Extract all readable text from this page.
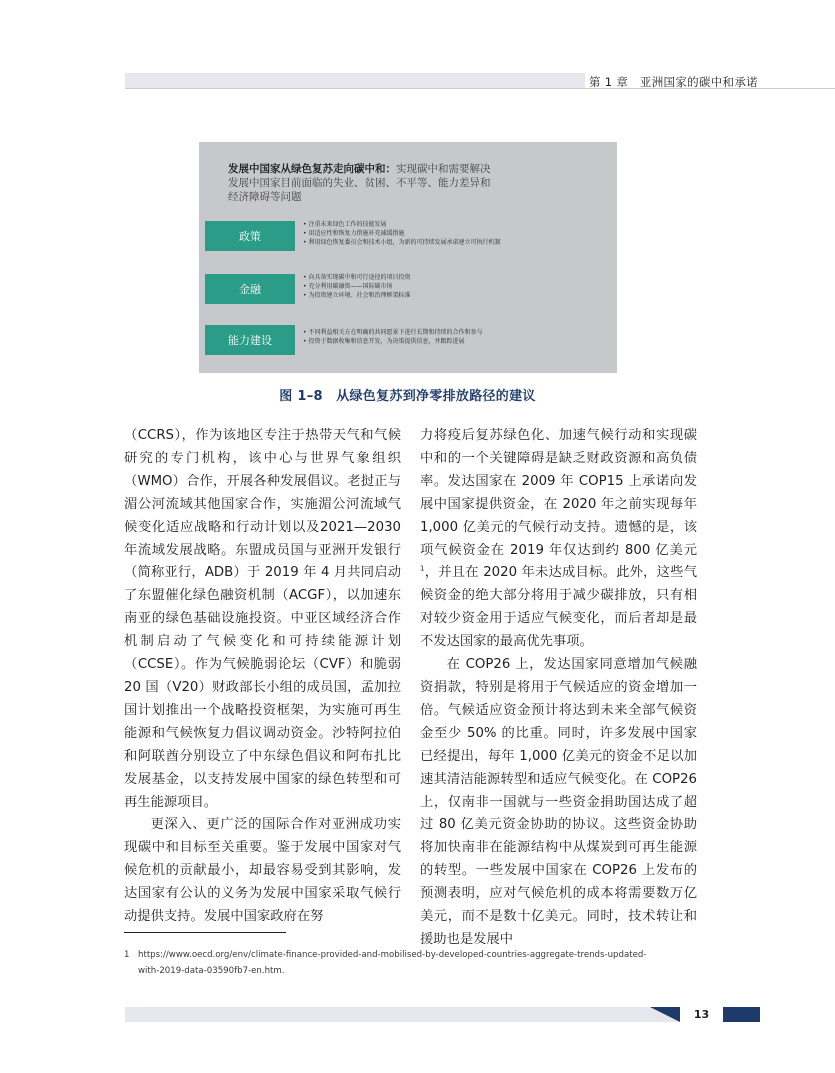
第 1 章　亚洲国家的碳中和承诺
发展中国家从绿色复苏走向碳中和：实现碳中和需要解决
发展中国家目前面临的失业、贫困、不平等、能力差异和
经济障碍等问题
政策
• 注重未来绿色工作的技能发展
• 用适应性和恢复力措施补充减缓措施
• 利用绿色恢复委员会和技术小组，为新的可持续发展承诺建立可执行机制
金融
• 向具备实现碳中和可行途径的项目投资
• 充分利用碳融资——国际碳市场
• 为投资建立环境、社会和治理框架标准
能力建设
• 不同利益相关方在明确的共同愿景下进行长期和持续的合作和参与
• 投资于数据收集和信息开发，为决策提供信息，并跟踪进展
图 1–8　从绿色复苏到净零排放路径的建议

（CCRS），作为该地区专注于热带天气和气候研究的专门机构，该中心与世界气象组织（WMO）合作，开展各种发展倡议。老挝正与湄公河流域其他国家合作，实施湄公河流域气候变化适应战略和行动计划以及2021—2030 年流域发展战略。东盟成员国与亚洲开发银行（简称亚行，ADB）于 2019 年 4 月共同启动了东盟催化绿色融资机制（ACGF），以加速东南亚的绿色基础设施投资。中亚区域经济合作机制启动了气候变化和可持续能源计划（CCSE）。作为气候脆弱论坛（CVF）和脆弱 20 国（V20）财政部长小组的成员国，孟加拉国计划推出一个战略投资框架，为实施可再生能源和气候恢复力倡议调动资金。沙特阿拉伯和阿联酋分别设立了中东绿色倡议和阿布扎比发展基金，以支持发展中国家的绿色转型和可再生能源项目。

更深入、更广泛的国际合作对亚洲成功实现碳中和目标至关重要。鉴于发展中国家对气候危机的贡献最小，却最容易受到其影响，发达国家有公认的义务为发展中国家采取气候行动提供支持。发展中国家政府在努

力将疫后复苏绿色化、加速气候行动和实现碳中和的一个关键障碍是缺乏财政资源和高负债率。发达国家在 2009 年 COP15 上承诺向发展中国家提供资金，在 2020 年之前实现每年 1,000 亿美元的气候行动支持。遗憾的是，该项气候资金在 2019 年仅达到约 800 亿美元$^1$，并且在 2020 年未达成目标。此外，这些气候资金的绝大部分将用于减少碳排放，只有相对较少资金用于适应气候变化，而后者却是最不发达国家的最高优先事项。

在 COP26 上，发达国家同意增加气候融资捐款，特别是将用于气候适应的资金增加一倍。气候适应资金预计将达到未来全部气候资金至少 50% 的比重。同时，许多发展中国家已经提出，每年 1,000 亿美元的资金不足以加速其清洁能源转型和适应气候变化。在 COP26 上，仅南非一国就与一些资金捐助国达成了超过 80 亿美元资金协助的协议。这些资金协助将加快南非在能源结构中从煤炭到可再生能源的转型。一些发展中国家在 COP26 上发布的预测表明，应对气候危机的成本将需要数万亿美元，而不是数十亿美元。同时，技术转让和援助也是发展中

1 https://www.oecd.org/env/climate-finance-provided-and-mobilised-by-developed-countries-aggregate-trends-updated-
with-2019-data-03590fb7-en.htm.
13
